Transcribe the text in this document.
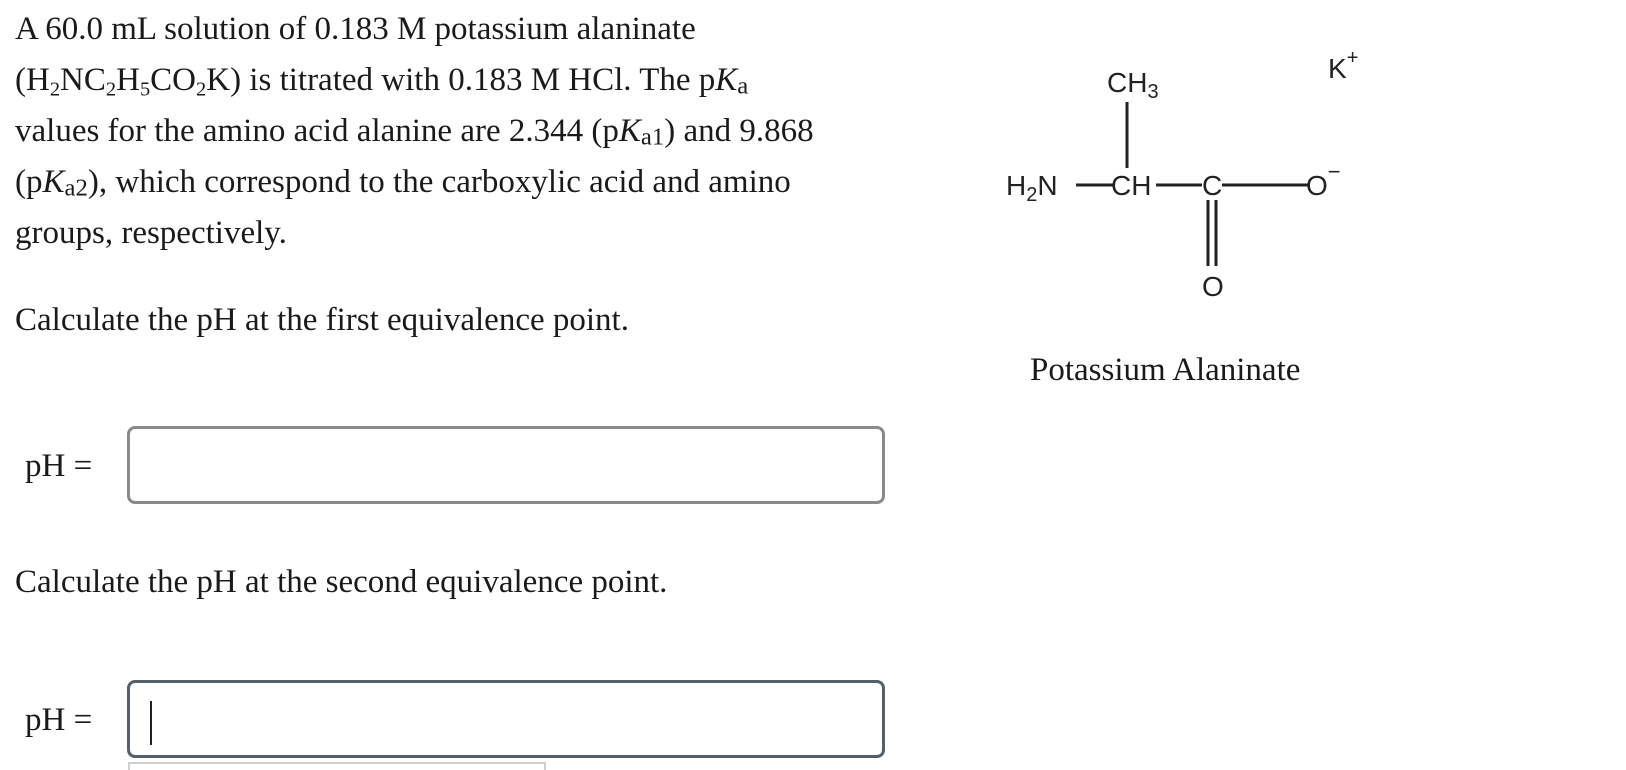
A 60.0 mL solution of 0.183 M potassium alaninate
$(H_2NC_2H_5CO_2K)$ is titrated with 0.183 M HCl. The $pK_a$
values for the amino acid alanine are 2.344 $(pK_{a1})$ and 9.868
$(pK_{a2})$, which correspond to the carboxylic acid and amino
groups, respectively.
Calculate the pH at the first equivalence point.
pH =
Calculate the pH at the second equivalence point.
pH =
$CH_3$
K+
$H_2N$ CH C	O−
O
Potassium Alaninate
